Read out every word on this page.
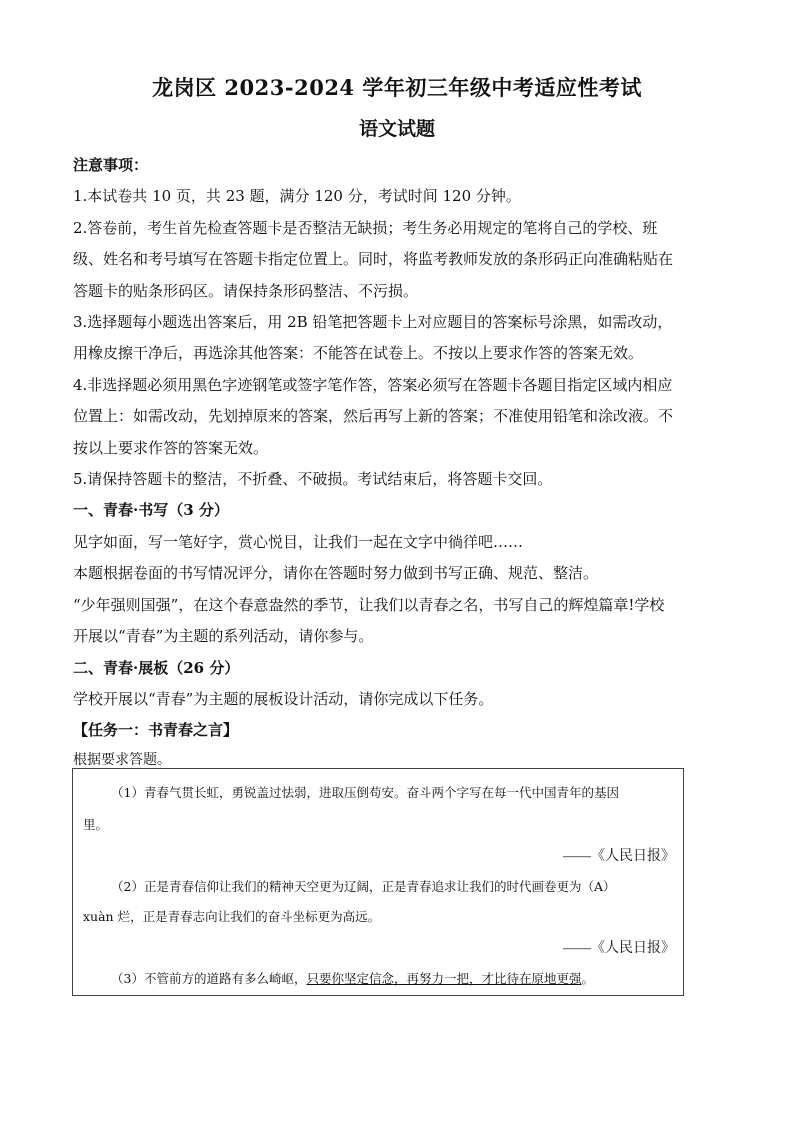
龙岗区 2023-2024 学年初三年级中考适应性考试
语文试题
注意事项：
1.本试卷共 10 页，共 23 题，满分 120 分，考试时间 120 分钟。
2.答卷前，考生首先检查答题卡是否整洁无缺损；考生务必用规定的笔将自己的学校、班
级、姓名和考号填写在答题卡指定位置上。同时，将监考教师发放的条形码正向准确粘贴在
答题卡的贴条形码区。请保持条形码整洁、不污损。
3.选择题每小题选出答案后，用 2B 铅笔把答题卡上对应题目的答案标号涂黑，如需改动，
用橡皮擦干净后，再选涂其他答案：不能答在试卷上。不按以上要求作答的答案无效。
4.非选择题必须用黑色字迹钢笔或签字笔作答，答案必须写在答题卡各题目指定区域内相应
位置上：如需改动，先划掉原来的答案，然后再写上新的答案；不准使用铅笔和涂改液。不
按以上要求作答的答案无效。
5.请保持答题卡的整洁，不折叠、不破损。考试结束后，将答题卡交回。
一、青春·书写（3 分）
见字如面，写一笔好字，赏心悦目，让我们一起在文字中徜徉吧……
本题根据卷面的书写情况评分，请你在答题时努力做到书写正确、规范、整洁。
“少年强则国强”，在这个春意盎然的季节，让我们以青春之名，书写自己的辉煌篇章!学校
开展以“青春”为主题的系列活动，请你参与。
二、青春·展板（26 分）
学校开展以“青春”为主题的展板设计活动，请你完成以下任务。
【任务一：书青春之言】
根据要求答题。
（1）青春气贯长虹，勇锐盖过怯弱，进取压倒苟安。奋斗两个字写在每一代中国青年的基因
里。
——《人民日报》
（2）正是青春信仰让我们的精神天空更为辽阔，正是青春追求让我们的时代画卷更为（A）
xuàn 烂，正是青春志向让我们的奋斗坐标更为高远。
——《人民日报》
（3）不管前方的道路有多么崎岖，只要你坚定信念，再努力一把，才比待在原地更强。
